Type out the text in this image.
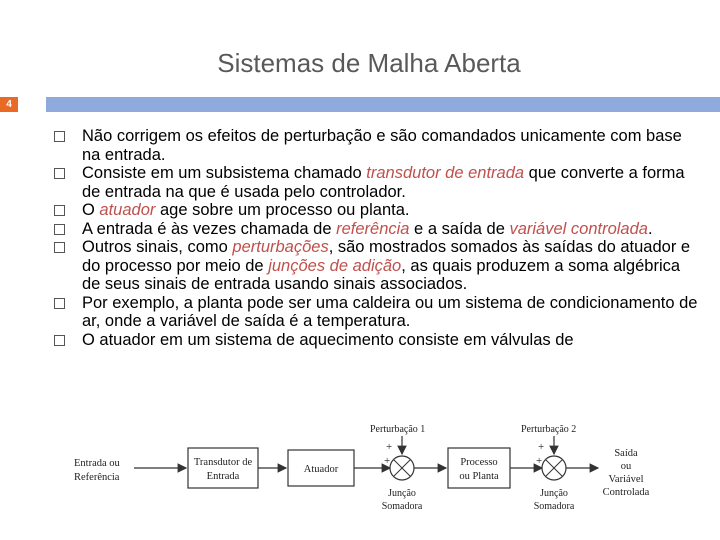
Sistemas de Malha Aberta
4
Não corrigem os efeitos de perturbação e são comandados unicamente com base na entrada.
Consiste em um subsistema chamado transdutor de entrada que converte a forma de entrada na que é usada pelo controlador.
O atuador age sobre um processo ou planta.
A entrada é às vezes chamada de referência e a saída de variável controlada.
Outros sinais, como perturbações, são mostrados somados às saídas do atuador e do processo por meio de junções de adição, as quais produzem a soma algébrica de seus sinais de entrada usando sinais associados.
Por exemplo, a planta pode ser uma caldeira ou um sistema de condicionamento de ar, onde a variável de saída é a temperatura.
O atuador em um sistema de aquecimento consiste em válvulas de
Entrada ou
Referência
Transdutor de
Entrada
Atuador
Perturbação 1
+
+
Junção
Somadora
Processo
ou Planta
Perturbação 2
+
+
Junção
Somadora
Saída
ou
Variável
Controlada
